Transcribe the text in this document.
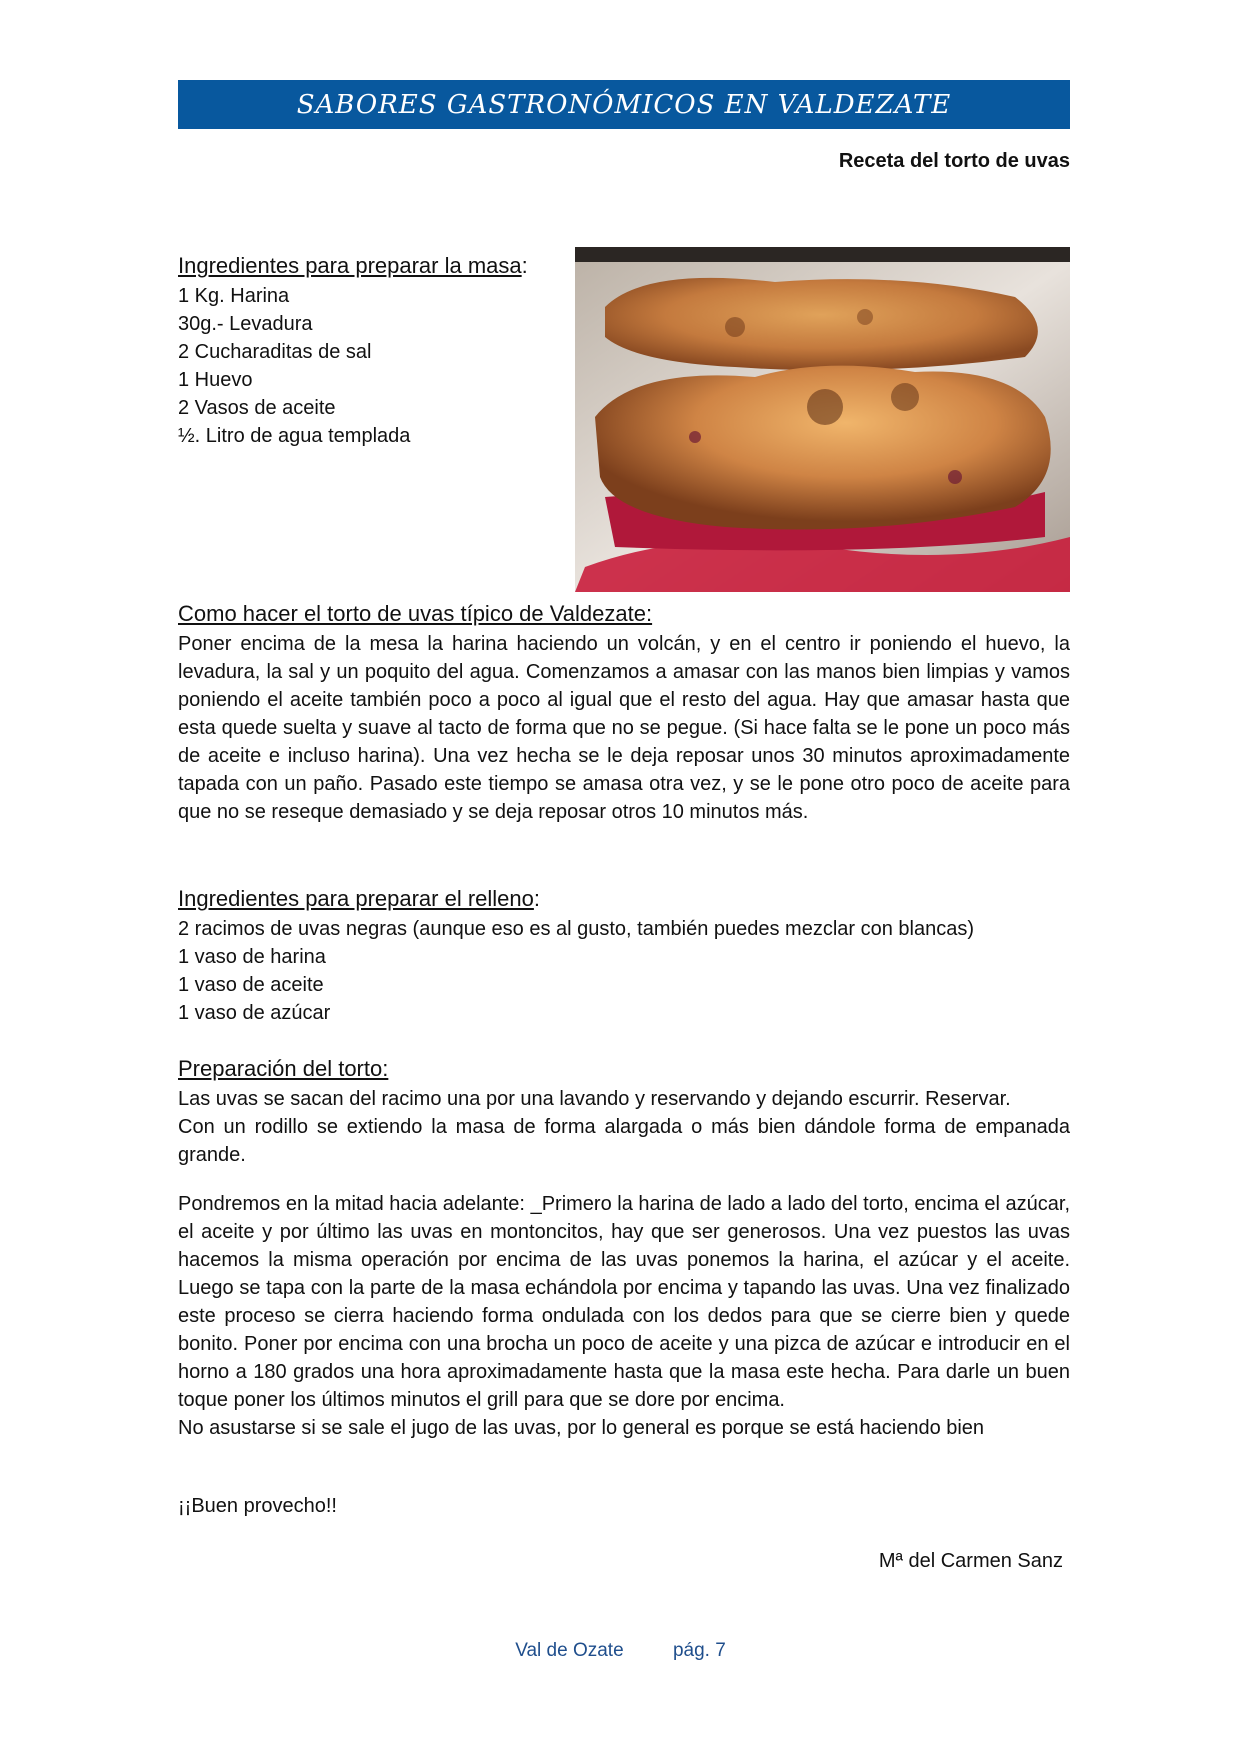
SABORES GASTRONÓMICOS EN VALDEZATE
Receta del torto de uvas
Ingredientes para preparar la masa:
1 Kg. Harina
30g.- Levadura
2 Cucharaditas de sal
1 Huevo
2 Vasos de aceite
½. Litro de agua templada
Como hacer el torto de uvas típico de Valdezate:

Poner encima de la mesa la harina haciendo un volcán, y en el centro ir poniendo el huevo, la levadura, la sal y un poquito del agua. Comenzamos a amasar con las manos bien limpias y vamos poniendo el aceite también poco a poco al igual que el resto del agua. Hay que amasar hasta que esta quede suelta y suave al tacto de forma que no se pegue. (Si hace falta se le pone un poco más de aceite e incluso harina). Una vez hecha se le deja reposar unos 30 minutos aproximadamente tapada con un paño. Pasado este tiempo se amasa otra vez, y se le pone otro poco de aceite para que no se reseque demasiado y se deja reposar otros 10 minutos más.

Ingredientes para preparar el relleno:
2 racimos de uvas negras (aunque eso es al gusto, también puedes mezclar con blancas)
1 vaso de harina
1 vaso de aceite
1 vaso de azúcar
Preparación del torto:

Las uvas se sacan del racimo una por una lavando y reservando y dejando escurrir. Reservar.

Con un rodillo se extiendo la masa de forma alargada o más bien dándole forma de empanada grande.

Pondremos en la mitad hacia adelante: _Primero la harina de lado a lado del torto, encima el azúcar, el aceite y por último las uvas en montoncitos, hay que ser generosos. Una vez puestos las uvas hacemos la misma operación por encima de las uvas ponemos la harina, el azúcar y el aceite. Luego se tapa con la parte de la masa echándola por encima y tapando las uvas. Una vez finalizado este proceso se cierra haciendo forma ondulada con los dedos para que se cierre bien y quede bonito. Poner por encima con una brocha un poco de aceite y una pizca de azúcar e introducir en el horno a 180 grados una hora aproximadamente hasta que la masa este hecha. Para darle un buen toque poner los últimos minutos el grill para que se dore por encima.

No asustarse si se sale el jugo de las uvas, por lo general es porque se está haciendo bien

¡¡Buen provecho!!
Mª del Carmen Sanz
Val de Ozate	pág. 7
